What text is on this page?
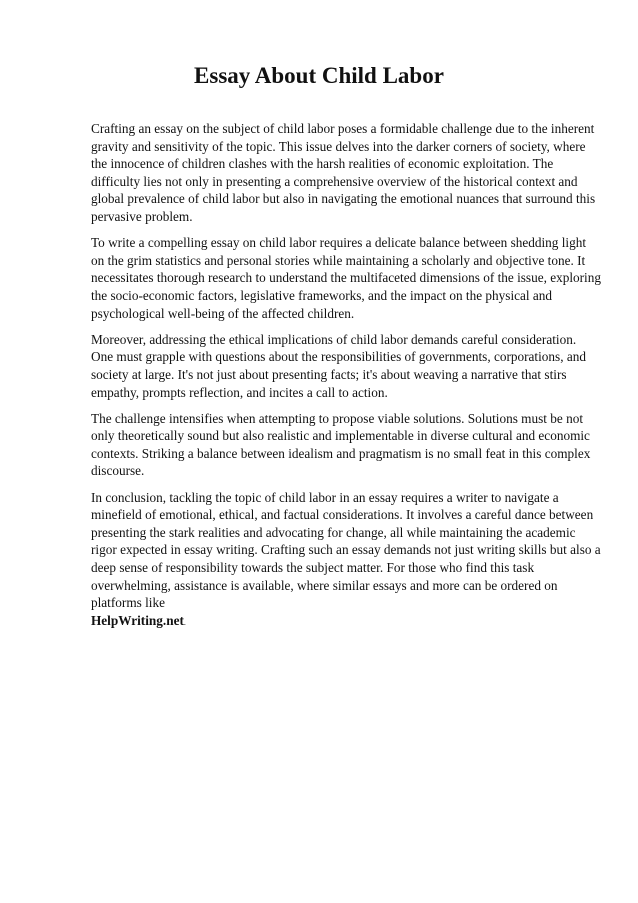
Essay About Child Labor

Crafting an essay on the subject of child labor poses a formidable challenge due to the inherent gravity and sensitivity of the topic. This issue delves into the darker corners of society, where the innocence of children clashes with the harsh realities of economic exploitation. The difficulty lies not only in presenting a comprehensive overview of the historical context and global prevalence of child labor but also in navigating the emotional nuances that surround this pervasive problem.

To write a compelling essay on child labor requires a delicate balance between shedding light on the grim statistics and personal stories while maintaining a scholarly and objective tone. It necessitates thorough research to understand the multifaceted dimensions of the issue, exploring the socio-economic factors, legislative frameworks, and the impact on the physical and psychological well-being of the affected children.

Moreover, addressing the ethical implications of child labor demands careful consideration. One must grapple with questions about the responsibilities of governments, corporations, and society at large. It's not just about presenting facts; it's about weaving a narrative that stirs empathy, prompts reflection, and incites a call to action.

The challenge intensifies when attempting to propose viable solutions. Solutions must be not only theoretically sound but also realistic and implementable in diverse cultural and economic contexts. Striking a balance between idealism and pragmatism is no small feat in this complex discourse.

In conclusion, tackling the topic of child labor in an essay requires a writer to navigate a minefield of emotional, ethical, and factual considerations. It involves a careful dance between presenting the stark realities and advocating for change, all while maintaining the academic rigor expected in essay writing. Crafting such an essay demands not just writing skills but also a deep sense of responsibility towards the subject matter. For those who find this task overwhelming, assistance is available, where similar essays and more can be ordered on platforms like
HelpWriting.net.
